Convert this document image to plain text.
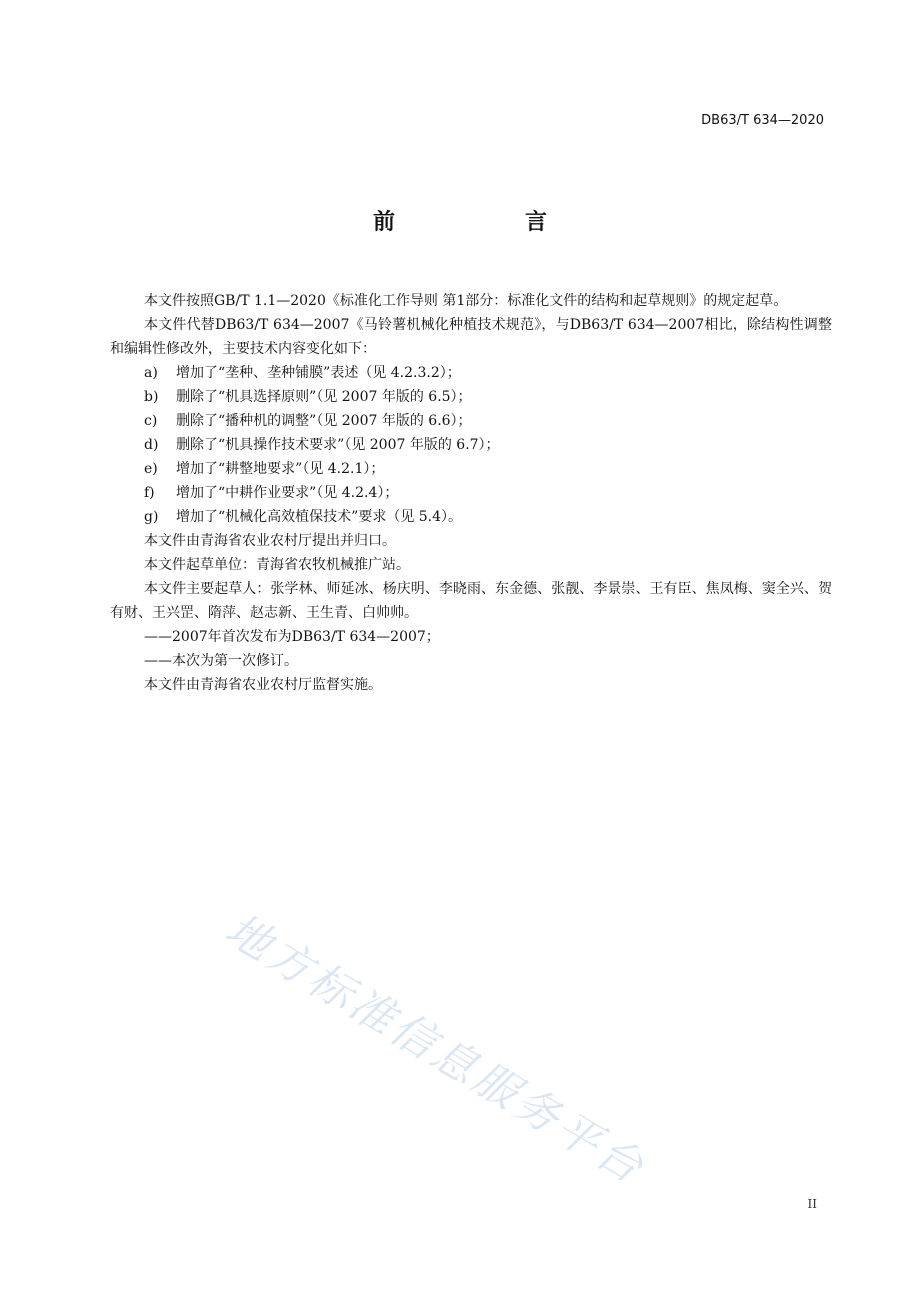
DB63/T 634—2020
前　言

本文件按照GB/T 1.1—2020《标准化工作导则 第1部分：标准化文件的结构和起草规则》的规定起草。

本文件代替DB63/T 634—2007《马铃薯机械化种植技术规范》，与DB63/T 634—2007相比，除结构性调整和编辑性修改外，主要技术内容变化如下：

a) 增加了“垄种、垄种铺膜”表述（见 4.2.3.2）；

b) 删除了“机具选择原则”（见 2007 年版的 6.5）；

c) 删除了“播种机的调整”（见 2007 年版的 6.6）；

d) 删除了“机具操作技术要求”（见 2007 年版的 6.7）；

e) 增加了“耕整地要求”（见 4.2.1）；

f) 增加了“中耕作业要求”（见 4.2.4）；

g) 增加了“机械化高效植保技术”要求（见 5.4）。

本文件由青海省农业农村厅提出并归口。

本文件起草单位：青海省农牧机械推广站。

本文件主要起草人：张学林、师延冰、杨庆明、李晓雨、东金德、张靓、李景崇、王有臣、焦凤梅、窦全兴、贺有财、王兴罡、隋萍、赵志新、王生青、白帅帅。

——2007年首次发布为DB63/T 634—2007；

——本次为第一次修订。

本文件由青海省农业农村厅监督实施。

地方标准信息服务平台
II
